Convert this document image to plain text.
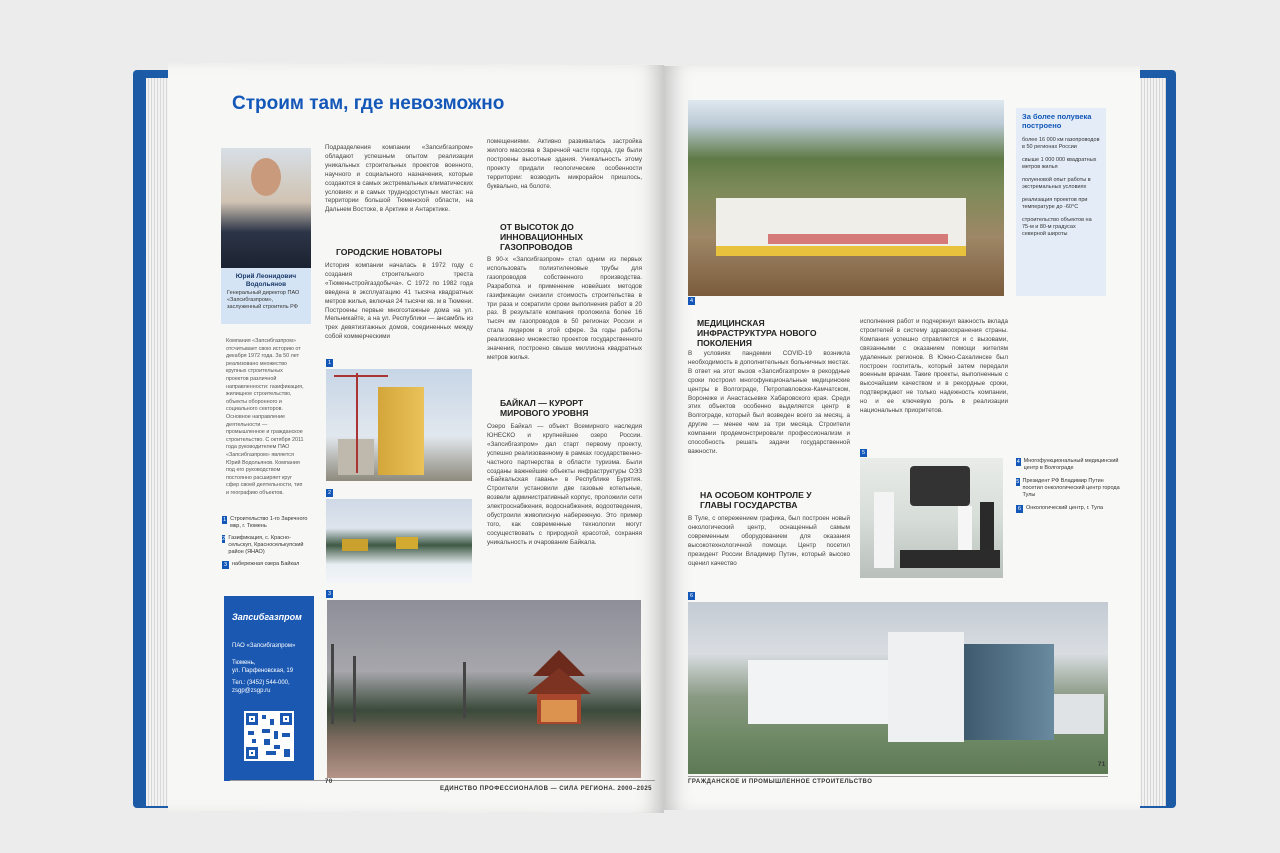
Строим там, где невозможно
Юрий Леонидович Водольянов
Генеральный директор ПАО «Запсибгазпром», заслуженный строитель РФ
Компания «Запсибгазпром» отсчитывает свою историю от декабря 1972 года. За 50 лет реализовано множество крупных строительных проектов различной направленности: газификация, жилищное строительство, объекты оборонного и социального секторов. Основное направление деятельности — промышленное и гражданское строительство. С октября 2011 года руководителем ПАО «Запсибгазпром» является Юрий Водольянов. Компания под его руководством постоянно расширяет круг сфер своей деятельности, тип и географию объектов.
1 Строительство 1-го Заречного мкр, г. Тюмень
2 Газификация, с. Красно-сельскуп, Красноселькупский район (ЯНАО)
3 набережная озера Байкал
Запсибгазпром
ПАО «Запсибгазпром»
Тюмень,
ул. Парфеновская, 19
Тел.: (3452) 544-000,
zsgp@zsgp.ru
1
2
3
Подразделения компании «Запсибгазпром» обладают успешным опытом реализации уникальных строительных проектов военного, научного и социального назначения, которые создаются в самых экстремальных климатических условиях и в самых труднодоступных местах: на территории большой Тюменской области, на Дальнем Востоке, в Арктике и Антарктике.
ГОРОДСКИЕ НОВАТОРЫ
История компании началась в 1972 году с создания строительного треста «Тюменьстройгаздобыча». С 1972 по 1982 года введена в эксплуатацию 41 тысяча квадратных метров жилья, включая 24 тысячи кв. м в Тюмени. Построены первые многоэтажные дома на ул. Мельникайте, а на ул. Республики — ансамбль из трех девятиэтажных домов, соединенных между собой коммерческими
помещениями. Активно развивалась застройка жилого массива в Заречной части города, где были построены высотные здания. Уникальность этому проекту придали геологические особенности территории: возводить микрорайон пришлось, буквально, на болоте.
ОТ ВЫСОТОК ДО ИННОВАЦИОННЫХ ГАЗОПРОВОДОВ
В 90-х «Запсибгазпром» стал одним из первых использовать полиэтиленовые трубы для газопроводов собственного производства. Разработка и применение новейших методов газификации снизили стоимость строительства в три раза и сократили сроки выполнения работ в 20 раз. В результате компания проложила более 16 тысяч км газопроводов в 50 регионах России и стала лидером в этой сфере. За годы работы реализовано множество проектов государственного значения, построено свыше миллиона квадратных метров жилья.
БАЙКАЛ — КУРОРТ МИРОВОГО УРОВНЯ
Озеро Байкал — объект Всемирного наследия ЮНЕСКО и крупнейшее озеро России. «Запсибгазпром» дал старт первому проекту, успешно реализованному в рамках государственно-частного партнерства в области туризма. Были созданы важнейшие объекты инфраструктуры ОЭЗ «Байкальская гавань» в Республике Бурятия. Строители установили две газовые котельные, возвели административный корпус, проложили сети электроснабжения, водоснабжения, водоотведения, обустроили живописную набережную. Это пример того, как современные технологии могут сосуществовать с природной красотой, сохраняя уникальность и очарование Байкала.
70
ЕДИНСТВО ПРОФЕССИОНАЛОВ — СИЛА РЕГИОНА. 2000–2025
4
За более полувека построено
более 16 000 км газопроводов в 50 регионах России
свыше 1 000 000 квадратных метров жилья
полуеновой опыт работы в экстремальных условиях
реализация проектов при температуре до -60°С
строительство объектов на 75-м и 80-м градусах северной широты
МЕДИЦИНСКАЯ ИНФРАСТРУКТУРА НОВОГО ПОКОЛЕНИЯ
В условиях пандемии COVID-19 возникла необходимость в дополнительных больничных местах. В ответ на этот вызов «Запсибгазпром» в рекордные сроки построил многофункциональные медицинские центры в Волгограде, Петропавловске-Камчатском, Воронеже и Анастасьевке Хабаровского края. Среди этих объектов особенно выделяется центр в Волгограде, который был возведен всего за месяц, а другие — менее чем за три месяца. Строители компании продемонстрировали профессионализм и способность решать задачи государственной важности.
НА ОСОБОМ КОНТРОЛЕ У ГЛАВЫ ГОСУДАРСТВА
В Туле, с опережением графика, был построен новый онкологический центр, оснащенный самым современным оборудованием для оказания высокотехнологичной помощи. Центр посетил президент России Владимир Путин, который высоко оценил качество
исполнения работ и подчеркнул важность вклада строителей в систему здравоохранения страны. Компания успешно справляется и с вызовами, связанными с оказанием помощи жителям удаленных регионов. В Южно-Сахалинске был построен госпиталь, который затем передали военным врачам. Такие проекты, выполненные с высочайшим качеством и в рекордные сроки, подтверждают не только надежность компании, но и ее ключевую роль в реализации национальных приоритетов.
5
4 Многофункциональный медицинский центр в Волгограде
5 Президент РФ Владимир Путин посетил онкологический центр города Тулы
6 Онкологический центр, г. Тула
6
ГРАЖДАНСКОЕ И ПРОМЫШЛЕННОЕ СТРОИТЕЛЬСТВО
71
